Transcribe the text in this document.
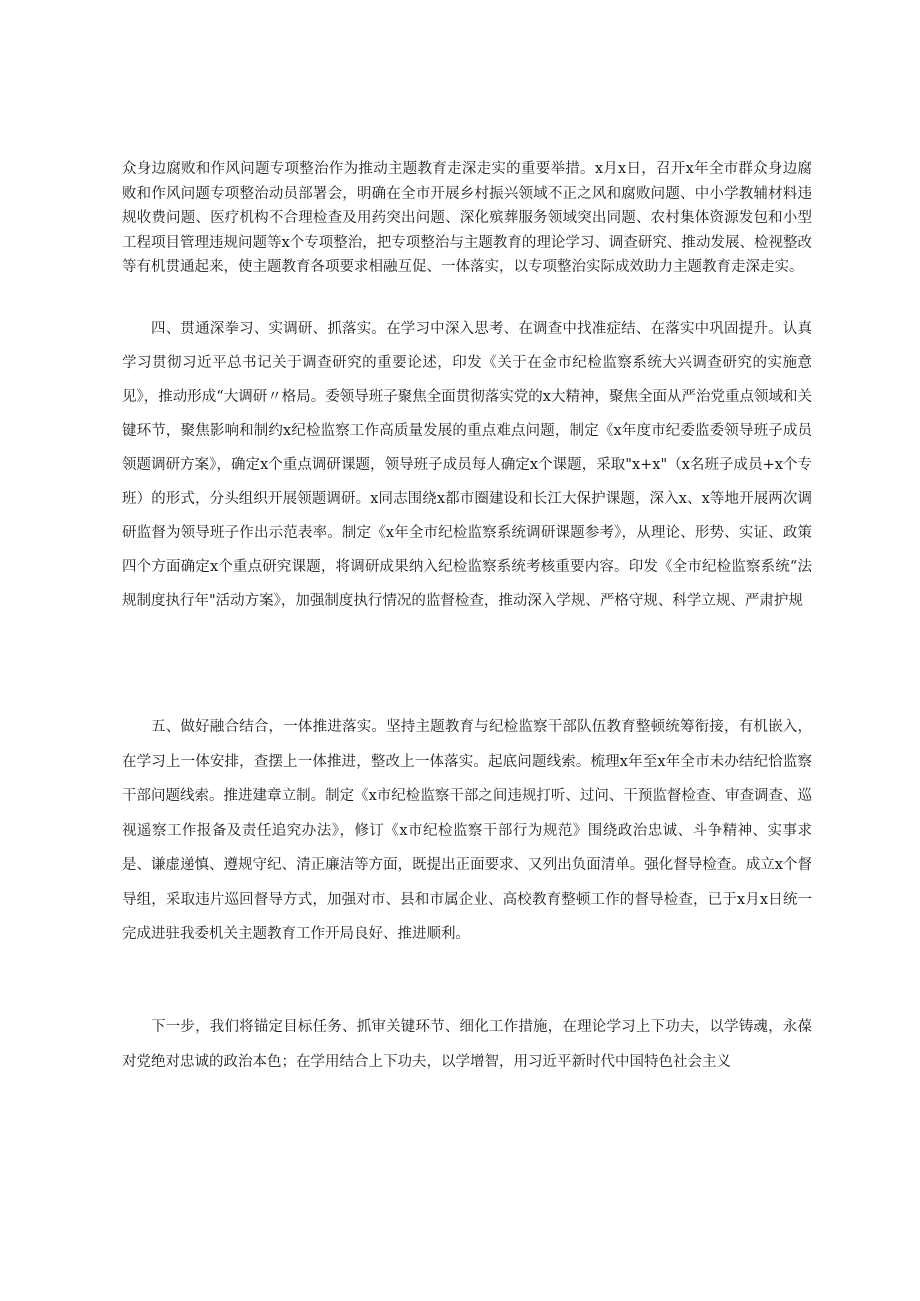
众身边腐败和作风问题专项整治作为推动主题教育走深走实的重要举措。x月x日，召开x年全市群众身边腐败和作风问题专项整治动员部署会，明确在全市开展乡村振兴领域不正之风和腐败问题、中小学教辅材料违规收费问题、医疗机构不合理检查及用药突出问题、深化殡葬服务领域突出同题、农村集体资源发包和小型工程项目管理违规问题等x个专项整治，把专项整治与主题教育的理论学习、调查研究、推动发展、检视整改等有机贯通起来，使主题教育各项要求相融互促、一体落实，以专项整治实际成效助力主题教育走深走实。

四、贯通深拳习、实调研、抓落实。在学习中深入思考、在调查中找准症结、在落实中巩固提升。认真学习贯彻习近平总书记关于调查研究的重要论述，印发《关于在金市纪检监察系统大兴调查研究的实施意见》，推动形成“大调研〃格局。委领导班子聚焦全面贯彻落实党的x大精神，聚焦全面从严治党重点领域和关键环节，聚焦影响和制约x纪检监察工作高质量发展的重点难点问题，制定《x年度市纪委监委领导班子成员领题调研方案》，确定x个重点调研课题，领导班子成员每人确定x个课题，采取"x+x"（x名班子成员+x个专班）的形式，分头组织开展领题调研。x同志围绕x都市圈建设和长江大保护课题，深入x、x等地开展两次调研监督为领导班子作出示范表率。制定《x年全市纪检监察系统调研课题参考》，从理论、形势、实证、政策四个方面确定x个重点研究课题，将调研成果纳入纪检监察系统考核重要内容。印发《全市纪检监察系统“法规制度执行年"活动方案》，加强制度执行情况的监督检查，推动深入学规、严格守规、科学立规、严肃护规

五、做好融合结合，一体推进落实。坚持主题教育与纪检监察干部队伍教育整顿统筹衔接，有机嵌入，在学习上一体安排，查摆上一体推进，整改上一体落实。起底问题线索。梳理x年至x年全市未办结纪恰监察干部问题线索。推进建章立制。制定《x市纪检监察干部之间违规打听、过问、干预监督检查、审查调查、巡视遥察工作报备及责任追究办法》，修订《x市纪检监察干部行为规范》围绕政治忠诚、斗争精神、实事求是、谦虚递慎、遵规守纪、清正廉洁等方面，既提出正面要求、又列出负面清单。强化督导检查。成立x个督导组，采取违片巡回督导方式，加强对市、县和市属企业、高校教育整顿工作的督导检查，已于x月x日统一完成进驻我委机关主题教育工作开局良好、推进顺利。

下一步，我们将锚定目标任务、抓审关键环节、细化工作措施，在理论学习上下功夫，以学铸魂，永葆对党绝对忠诚的政治本色；在学用结合上下功夫，以学增智，用习近平新时代中国特色社会主义
